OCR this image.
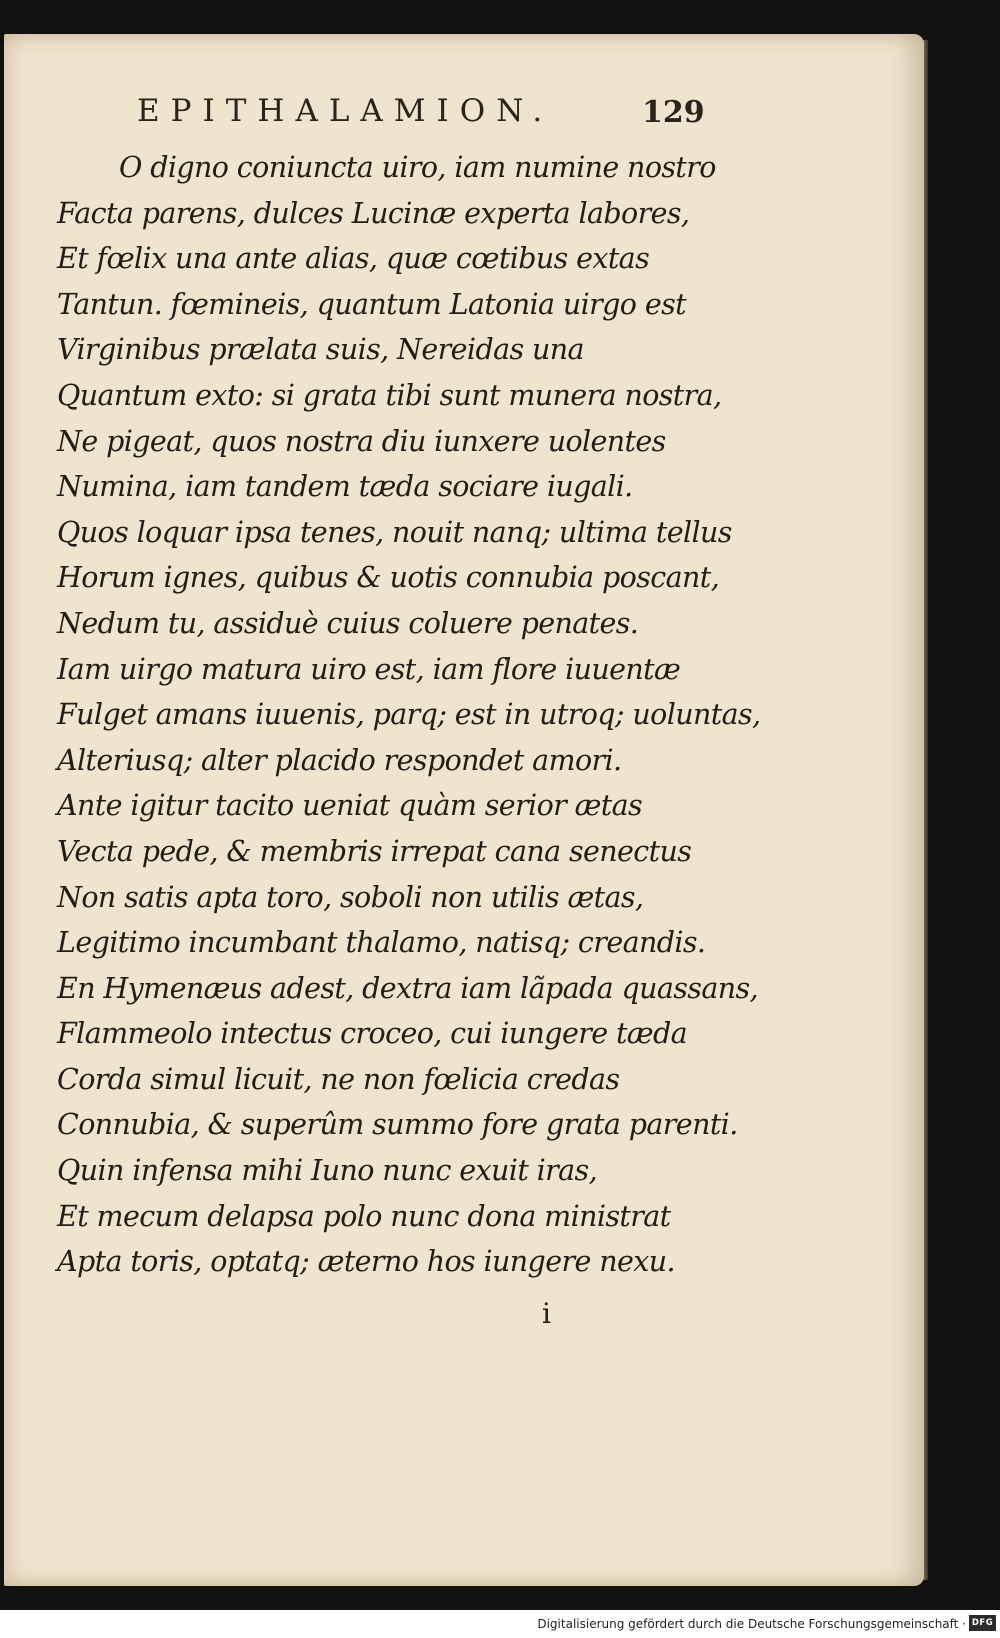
EPITHALAMION.	129
O digno coniuncta uiro, iam numine nostro
Facta parens, dulces Lucinæ experta labores,
Et fœlix una ante alias, quæ cœtibus extas
Tantun. fœmineis, quantum Latonia uirgo est
Virginibus prælata suis, Nereidas una
Quantum exto: si grata tibi sunt munera nostra,
Ne pigeat, quos nostra diu iunxere uolentes
Numina, iam tandem tæda sociare iugali.
Quos loquar ipsa tenes, nouit nanq; ultima tellus
Horum ignes, quibus & uotis connubia poscant,
Nedum tu, assiduè cuius coluere penates.
Iam uirgo matura uiro est, iam flore iuuentæ
Fulget amans iuuenis, parq; est in utroq; uoluntas,
Alteriusq; alter placido respondet amori.
Ante igitur tacito ueniat quàm serior ætas
Vecta pede, & membris irrepat cana senectus
Non satis apta toro, soboli non utilis ætas,
Legitimo incumbant thalamo, natisq; creandis.
En Hymenæus adest, dextra iam lãpada quassans,
Flammeolo intectus croceo, cui iungere tæda
Corda simul licuit, ne non fœlicia credas
Connubia, & superûm summo fore grata parenti.
Quin infensa mihi Iuno nunc exuit iras,
Et mecum delapsa polo nunc dona ministrat
Apta toris, optatq; æterno hos iungere nexu.
i
Digitalisierung gefördert durch die Deutsche Forschungsgemeinschaft · DFG
